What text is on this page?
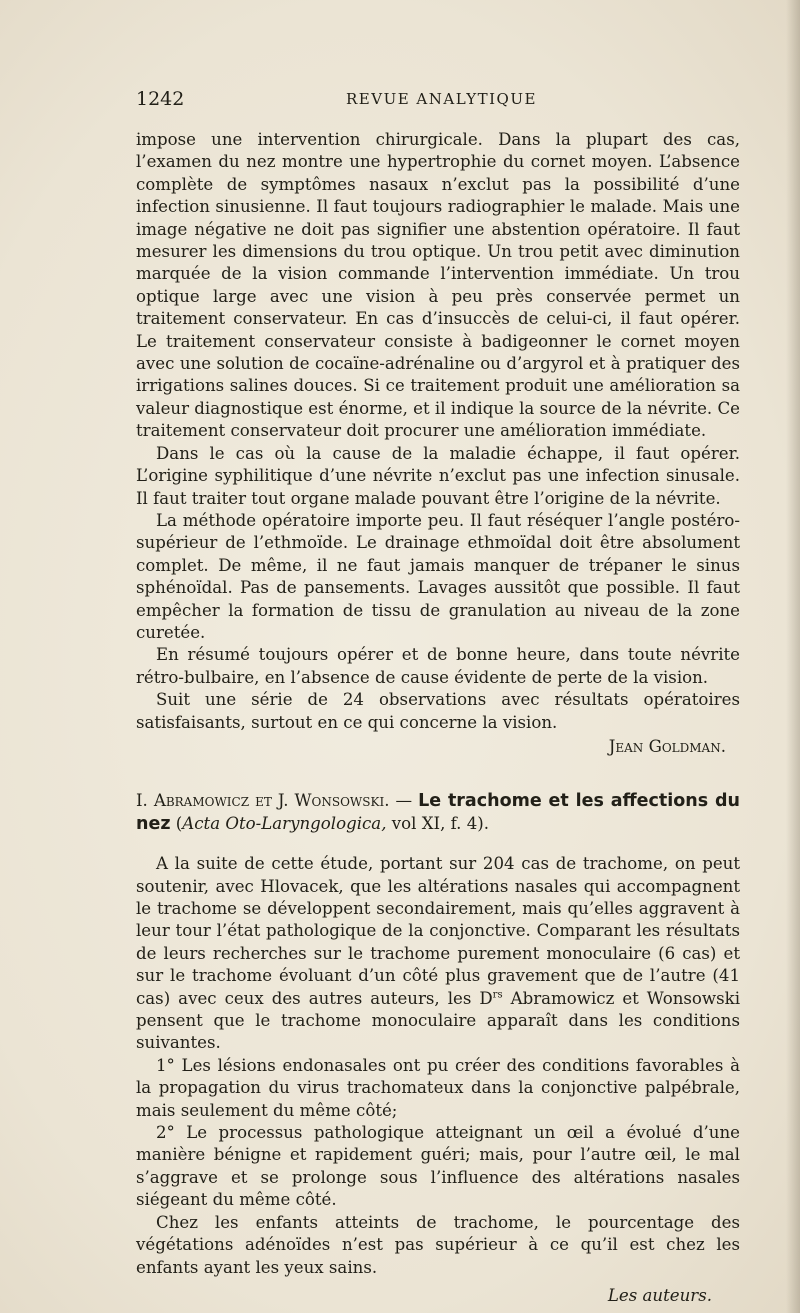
1242	REVUE ANALYTIQUE

impose une intervention chirurgicale. Dans la plupart des cas, l’examen du nez montre une hypertrophie du cornet moyen. L’absence complète de symptômes nasaux n’exclut pas la possibilité d’une infection sinusienne. Il faut toujours radiographier le malade. Mais une image négative ne doit pas signifier une abstention opératoire. Il faut mesurer les dimensions du trou optique. Un trou petit avec diminution marquée de la vision commande l’intervention immédiate. Un trou optique large avec une vision à peu près conservée permet un traitement conservateur. En cas d’insuccès de celui-ci, il faut opérer. Le traitement conservateur consiste à badigeonner le cornet moyen avec une solution de cocaïne-adrénaline ou d’argyrol et à pratiquer des irrigations salines douces. Si ce traitement produit une amélioration sa valeur diagnostique est énorme, et il indique la source de la névrite. Ce traitement conservateur doit procurer une amélioration immédiate.

Dans le cas où la cause de la maladie échappe, il faut opérer. L’origine syphilitique d’une névrite n’exclut pas une infection sinusale. Il faut traiter tout organe malade pouvant être l’origine de la névrite.

La méthode opératoire importe peu. Il faut réséquer l’angle postéro-supérieur de l’ethmoïde. Le drainage ethmoïdal doit être absolument complet. De même, il ne faut jamais manquer de trépaner le sinus sphénoïdal. Pas de pansements. Lavages aussitôt que possible. Il faut empêcher la formation de tissu de granulation au niveau de la zone curetée.

En résumé toujours opérer et de bonne heure, dans toute névrite rétro-bulbaire, en l’absence de cause évidente de perte de la vision.

Suit une série de 24 observations avec résultats opératoires satisfaisants, surtout en ce qui concerne la vision.

Jean Goldman.
I. Abramowicz et J. Wonsowski. — Le trachome et les affections du nez (Acta Oto-Laryngologica, vol XI, f. 4).

A la suite de cette étude, portant sur 204 cas de trachome, on peut soutenir, avec Hlovacek, que les altérations nasales qui accompagnent le trachome se développent secondairement, mais qu’elles aggravent à leur tour l’état pathologique de la conjonctive. Comparant les résultats de leurs recherches sur le trachome purement monoculaire (6 cas) et sur le trachome évoluant d’un côté plus gravement que de l’autre (41 cas) avec ceux des autres auteurs, les $D^{rs}$ Abramowicz et Wonsowski pensent que le trachome monoculaire apparaît dans les conditions suivantes.

1° Les lésions endonasales ont pu créer des conditions favorables à la propagation du virus trachomateux dans la conjonctive palpébrale, mais seulement du même côté;

2° Le processus pathologique atteignant un œil a évolué d’une manière bénigne et rapidement guéri; mais, pour l’autre œil, le mal s’aggrave et se prolonge sous l’influence des altérations nasales siégeant du même côté.

Chez les enfants atteints de trachome, le pourcentage des végétations adénoïdes n’est pas supérieur à ce qu’il est chez les enfants ayant les yeux sains.

Les auteurs.
